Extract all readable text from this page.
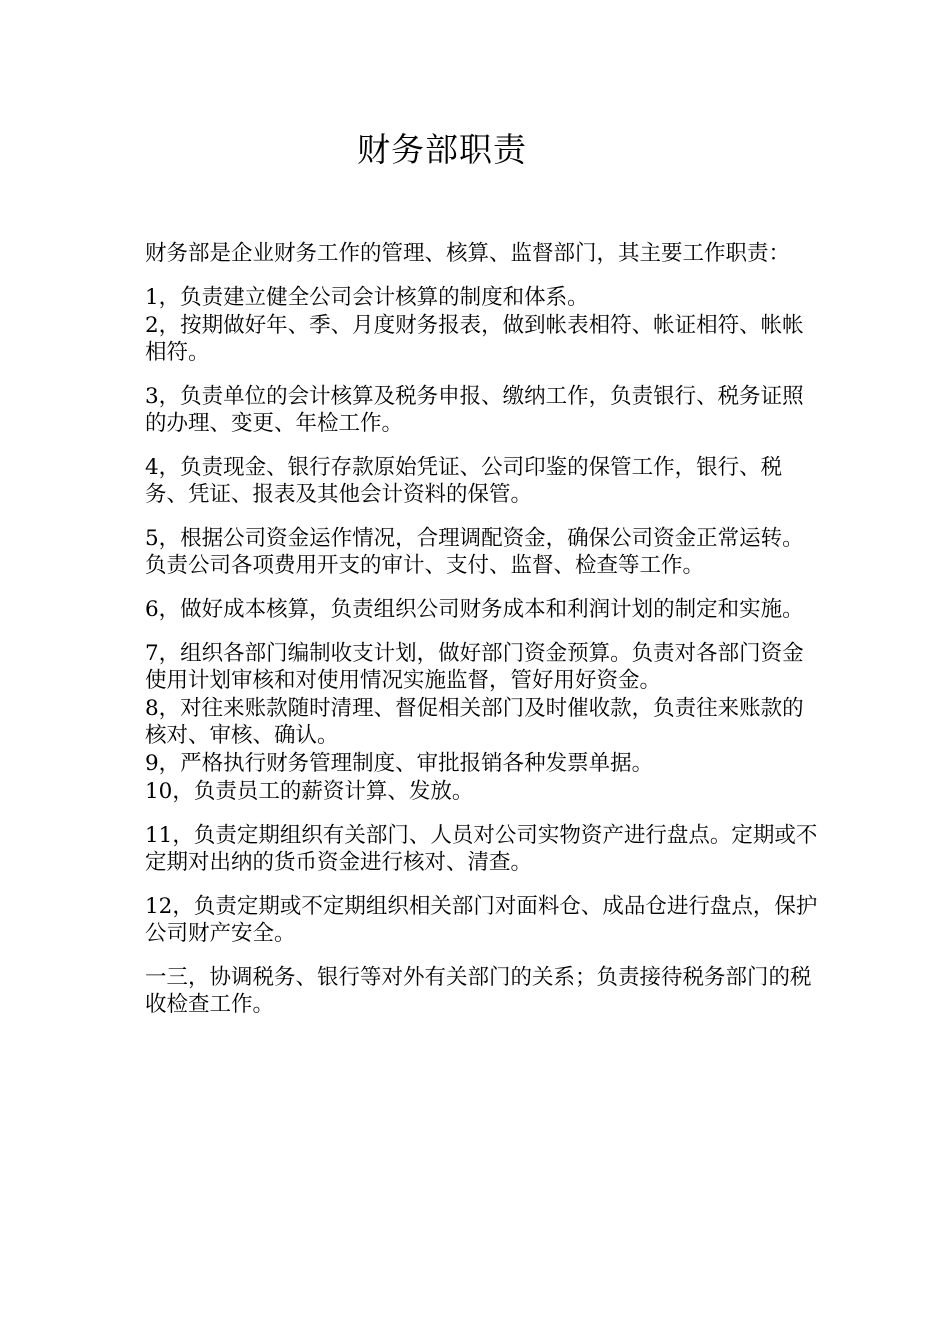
财务部职责

财务部是企业财务工作的管理、核算、监督部门，其主要工作职责：

1，负责建立健全公司会计核算的制度和体系。

2，按期做好年、季、月度财务报表，做到帐表相符、帐证相符、帐帐相符。

3，负责单位的会计核算及税务申报、缴纳工作，负责银行、税务证照的办理、变更、年检工作。

4，负责现金、银行存款原始凭证、公司印鉴的保管工作，银行、税务、凭证、报表及其他会计资料的保管。

5，根据公司资金运作情况，合理调配资金，确保公司资金正常运转。负责公司各项费用开支的审计、支付、监督、检查等工作。

6，做好成本核算，负责组织公司财务成本和利润计划的制定和实施。

7，组织各部门编制收支计划，做好部门资金预算。负责对各部门资金使用计划审核和对使用情况实施监督，管好用好资金。

8，对往来账款随时清理、督促相关部门及时催收款，负责往来账款的核对、审核、确认。

9，严格执行财务管理制度、审批报销各种发票单据。

10，负责员工的薪资计算、发放。

11，负责定期组织有关部门、人员对公司实物资产进行盘点。定期或不定期对出纳的货币资金进行核对、清查。

12，负责定期或不定期组织相关部门对面料仓、成品仓进行盘点，保护公司财产安全。

一三，协调税务、银行等对外有关部门的关系；负责接待税务部门的税收检查工作。
